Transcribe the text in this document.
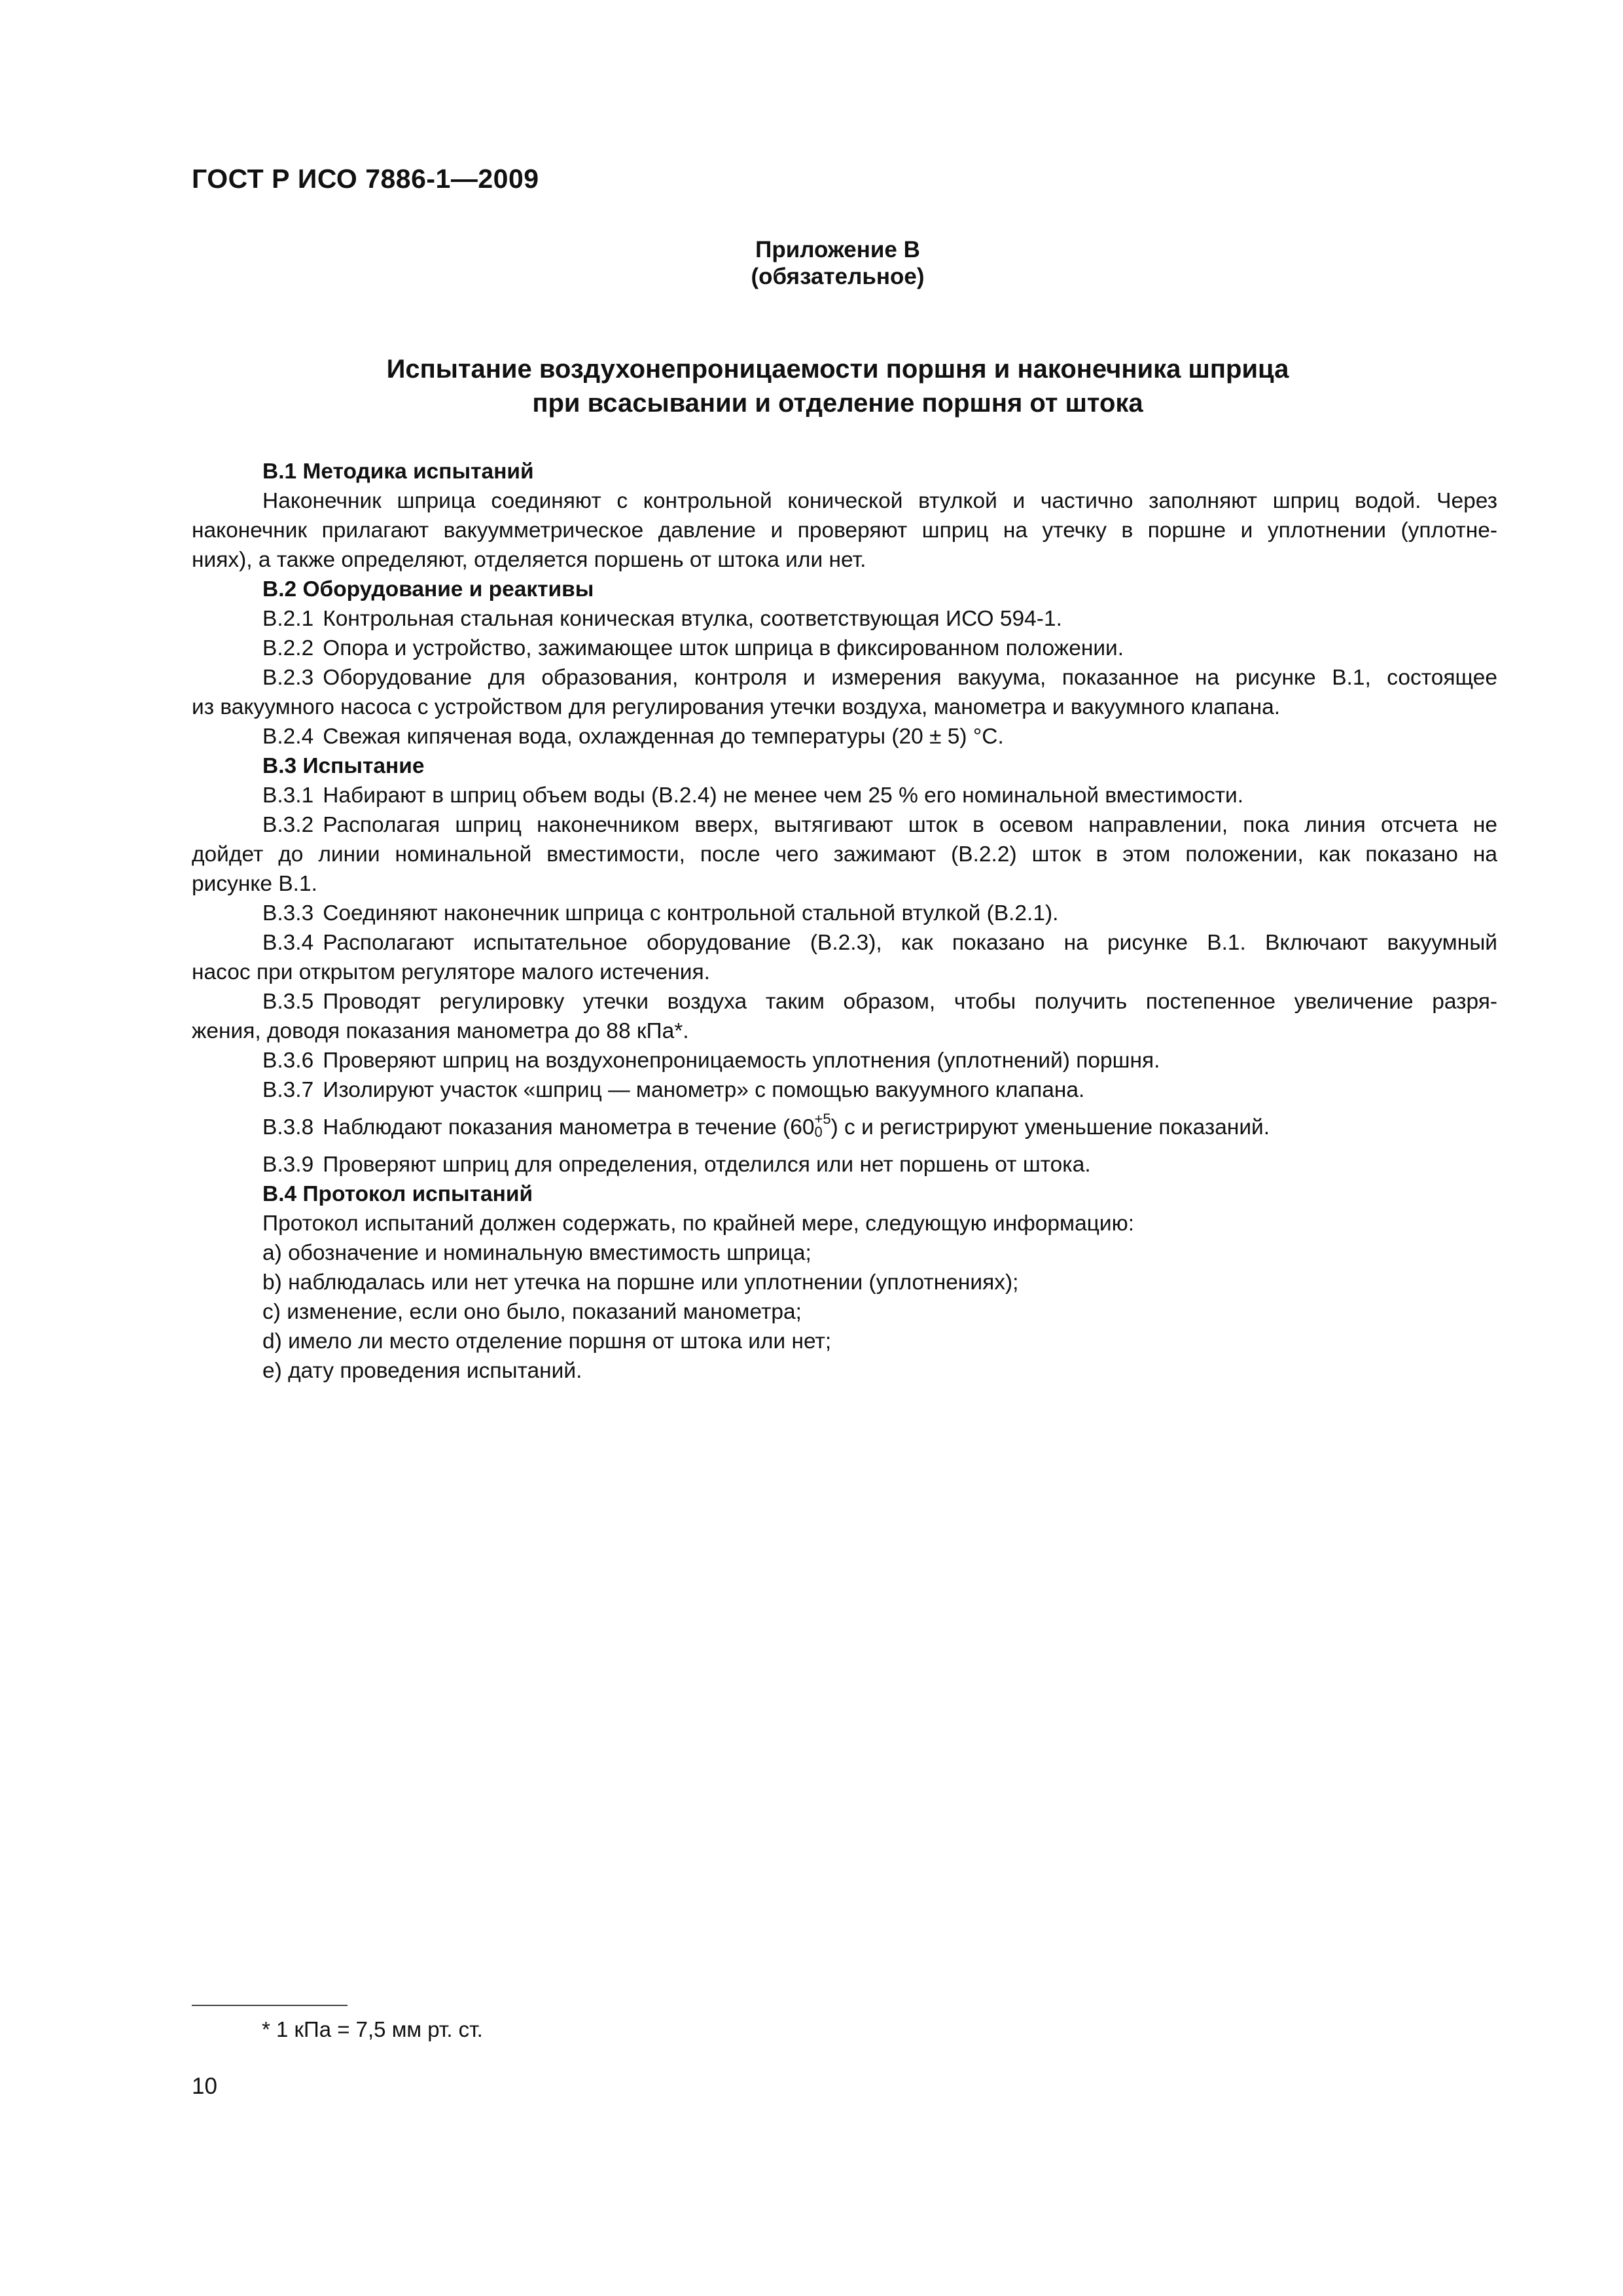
ГОСТ Р ИСО 7886-1—2009
Приложение В
(обязательное)
Испытание воздухонепроницаемости поршня и наконечника шприца
при всасывании и отделение поршня от штока
В.1 Методика испытаний
Наконечник шприца соединяют с контрольной конической втулкой и частично заполняют шприц водой. Через
наконечник прилагают вакуумметрическое давление и проверяют шприц на утечку в поршне и уплотнении (уплотне-
ниях), а также определяют, отделяется поршень от штока или нет.
В.2 Оборудование и реактивы
В.2.1 Контрольная стальная коническая втулка, соответствующая ИСО 594-1.
В.2.2 Опора и устройство, зажимающее шток шприца в фиксированном положении.
В.2.3 Оборудование для образования, контроля и измерения вакуума, показанное на рисунке В.1, состоящее
из вакуумного насоса с устройством для регулирования утечки воздуха, манометра и вакуумного клапана.
В.2.4 Свежая кипяченая вода, охлажденная до температуры (20 ± 5) °С.
В.3 Испытание
В.3.1 Набирают в шприц объем воды (В.2.4) не менее чем 25 % его номинальной вместимости.
В.3.2 Располагая шприц наконечником вверх, вытягивают шток в осевом направлении, пока линия отсчета не
дойдет до линии номинальной вместимости, после чего зажимают (В.2.2) шток в этом положении, как показано на
рисунке В.1.
В.3.3 Соединяют наконечник шприца с контрольной стальной втулкой (В.2.1).
В.3.4 Располагают испытательное оборудование (В.2.3), как показано на рисунке В.1. Включают вакуумный
насос при открытом регуляторе малого истечения.
В.3.5 Проводят регулировку утечки воздуха таким образом, чтобы получить постепенное увеличение разря-
жения, доводя показания манометра до 88 кПа*.
В.3.6 Проверяют шприц на воздухонепроницаемость уплотнения (уплотнений) поршня.
В.3.7 Изолируют участок «шприц — манометр» с помощью вакуумного клапана.
В.3.8 Наблюдают показания манометра в течение (60 +5
0 ) с и регистрируют уменьшение показаний.
В.3.9 Проверяют шприц для определения, отделился или нет поршень от штока.
В.4 Протокол испытаний
Протокол испытаний должен содержать, по крайней мере, следующую информацию:
а) обозначение и номинальную вместимость шприца;
b) наблюдалась или нет утечка на поршне или уплотнении (уплотнениях);
с) изменение, если оно было, показаний манометра;
d) имело ли место отделение поршня от штока или нет;
е) дату проведения испытаний.
* 1 кПа = 7,5 мм рт. ст.
10
